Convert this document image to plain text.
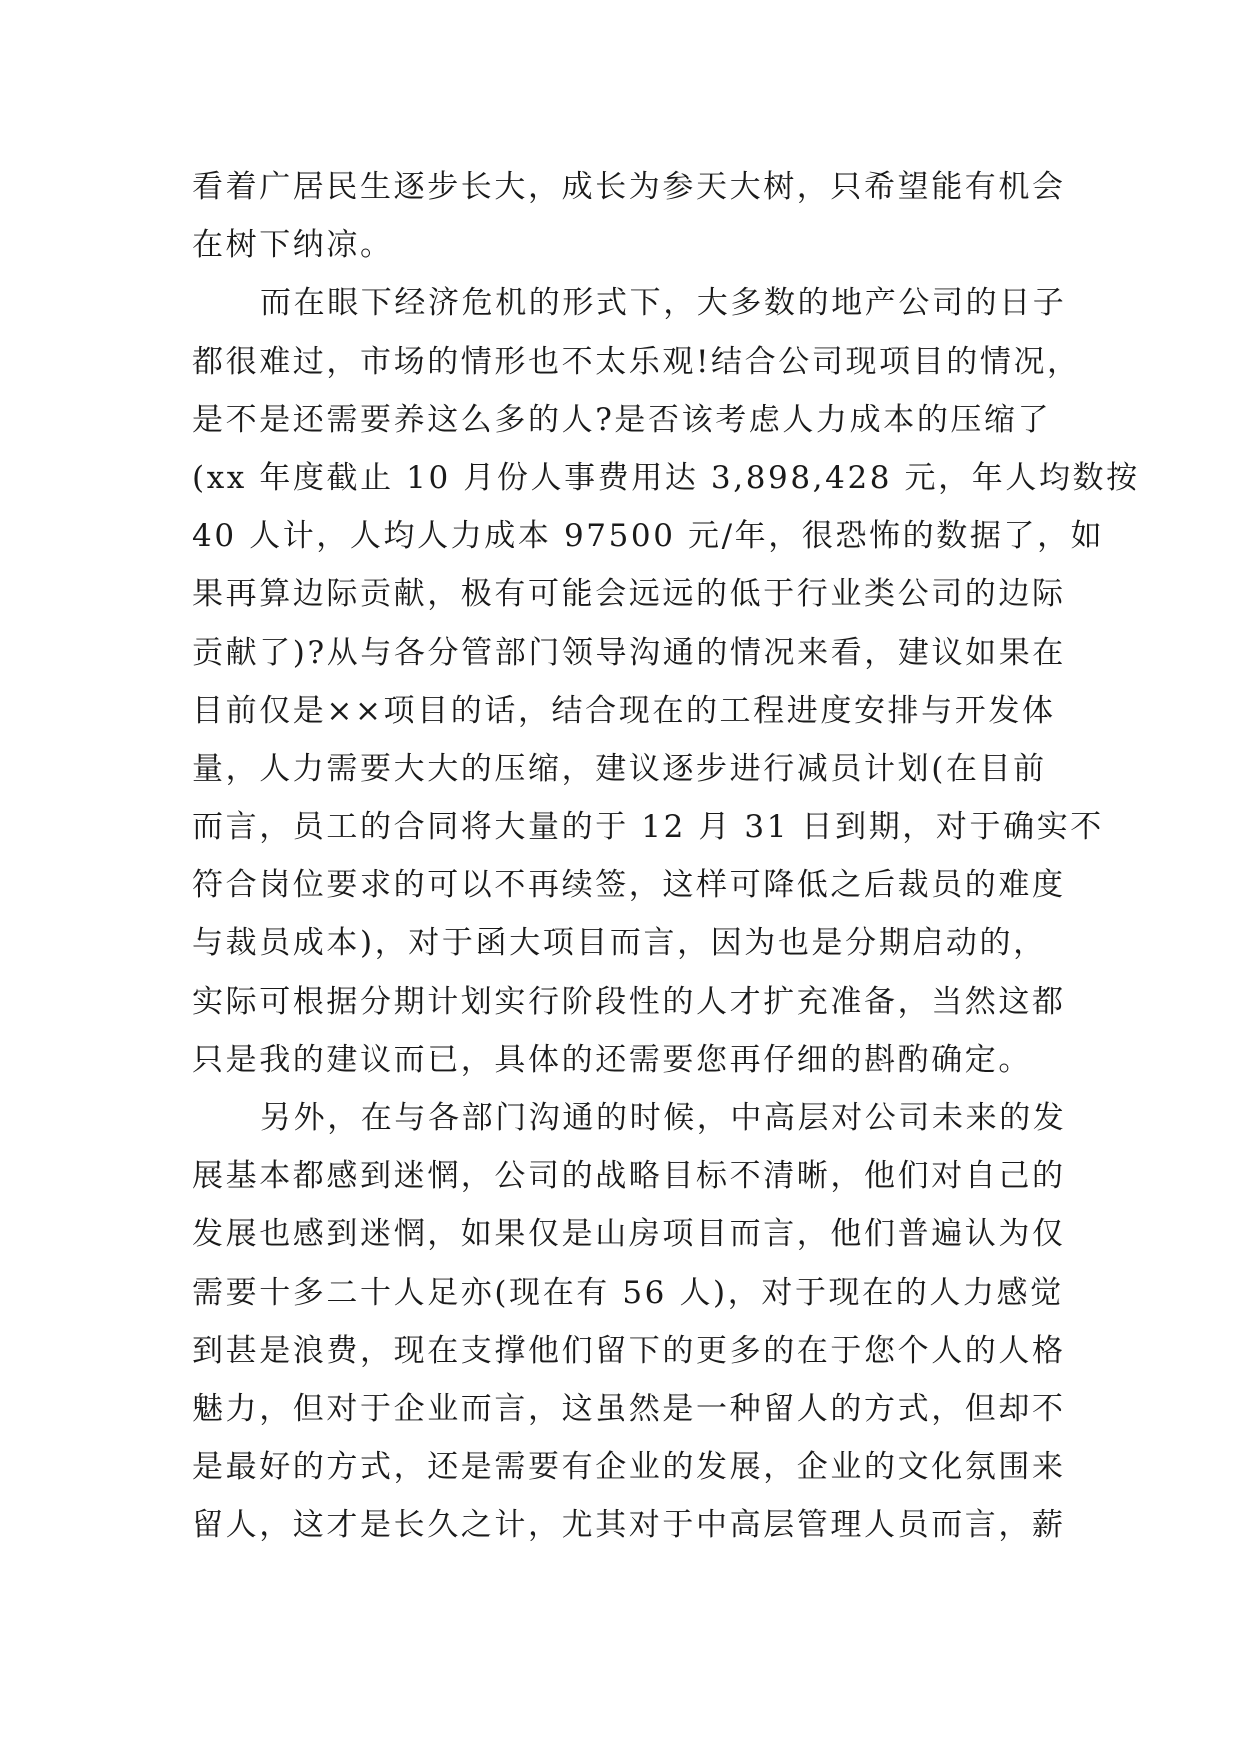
看着广居民生逐步长大，成长为参天大树，只希望能有机会
在树下纳凉。
而在眼下经济危机的形式下，大多数的地产公司的日子
都很难过，市场的情形也不太乐观!结合公司现项目的情况，
是不是还需要养这么多的人?是否该考虑人力成本的压缩了
(xx 年度截止 10 月份人事费用达 3,898,428 元，年人均数按
40 人计，人均人力成本 97500 元/年，很恐怖的数据了，如
果再算边际贡献，极有可能会远远的低于行业类公司的边际
贡献了)?从与各分管部门领导沟通的情况来看，建议如果在
目前仅是××项目的话，结合现在的工程进度安排与开发体
量，人力需要大大的压缩，建议逐步进行减员计划(在目前
而言，员工的合同将大量的于 12 月 31 日到期，对于确实不
符合岗位要求的可以不再续签，这样可降低之后裁员的难度
与裁员成本)，对于函大项目而言，因为也是分期启动的，
实际可根据分期计划实行阶段性的人才扩充准备，当然这都
只是我的建议而已，具体的还需要您再仔细的斟酌确定。
另外，在与各部门沟通的时候，中高层对公司未来的发
展基本都感到迷惘，公司的战略目标不清晰，他们对自己的
发展也感到迷惘，如果仅是山房项目而言，他们普遍认为仅
需要十多二十人足亦(现在有 56 人)，对于现在的人力感觉
到甚是浪费，现在支撑他们留下的更多的在于您个人的人格
魅力，但对于企业而言，这虽然是一种留人的方式，但却不
是最好的方式，还是需要有企业的发展，企业的文化氛围来
留人，这才是长久之计，尤其对于中高层管理人员而言，薪
